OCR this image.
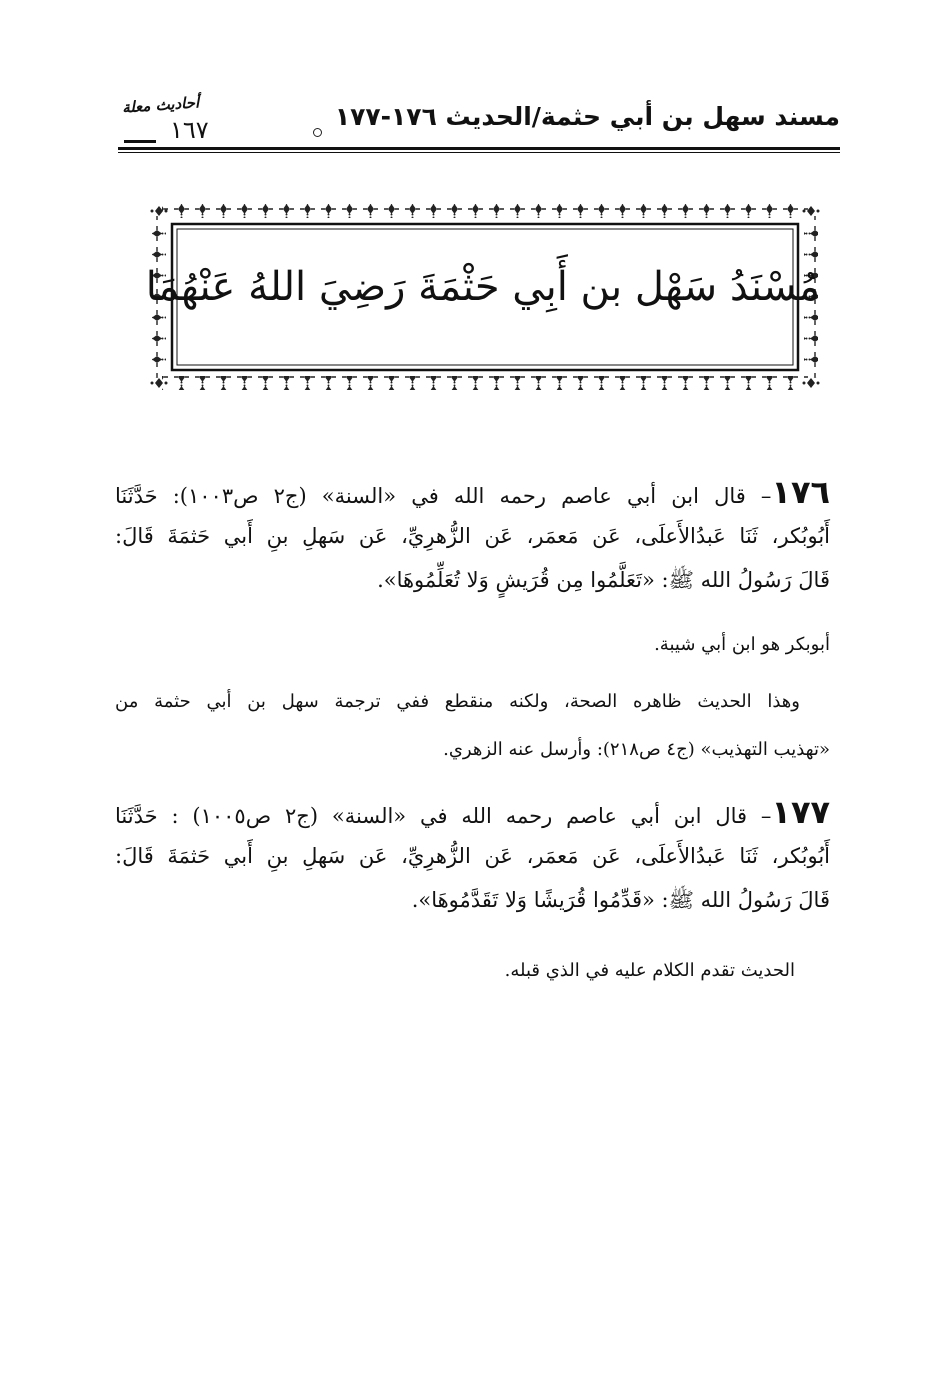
مسند سهل بن أبي حثمة/الحديث ١٧٦-١٧٧
أحاديث معلة
١٦٧
مُسْنَدُ سَهْل بن أَبِي حَثْمَةَ رَضِيَ اللهُ عَنْهُمَا
١٧٦– قال ابن أبي عاصم رحمه الله في «السنة» (ج٢ ص١٠٠٣): حَدَّثَنَا
أَبُوبُكر، ثَنَا عَبدُالأَعلَى، عَن مَعمَر، عَن الزُّهرِيِّ، عَن سَهلِ بنِ أَبي حَثمَةَ قَالَ:
قَالَ رَسُولُ الله ﷺ: «تَعَلَّمُوا مِن قُرَيشٍ وَلا تُعَلِّمُوهَا».
أبوبكر هو ابن أبي شيبة.
وهذا الحديث ظاهره الصحة، ولكنه منقطع ففي ترجمة سهل بن أبي حثمة من
«تهذيب التهذيب» (ج٤ ص٢١٨): وأرسل عنه الزهري.
١٧٧– قال ابن أبي عاصم رحمه الله في «السنة» (ج٢ ص١٠٠٥) : حَدَّثَنَا
أَبُوبُكر، ثَنَا عَبدُالأَعلَى، عَن مَعمَر، عَن الزُّهرِيِّ، عَن سَهلِ بنِ أَبي حَثمَةَ قَالَ:
قَالَ رَسُولُ الله ﷺ: «قَدِّمُوا قُرَيشًا وَلا تَقَدَّمُوهَا».
الحديث تقدم الكلام عليه في الذي قبله.
